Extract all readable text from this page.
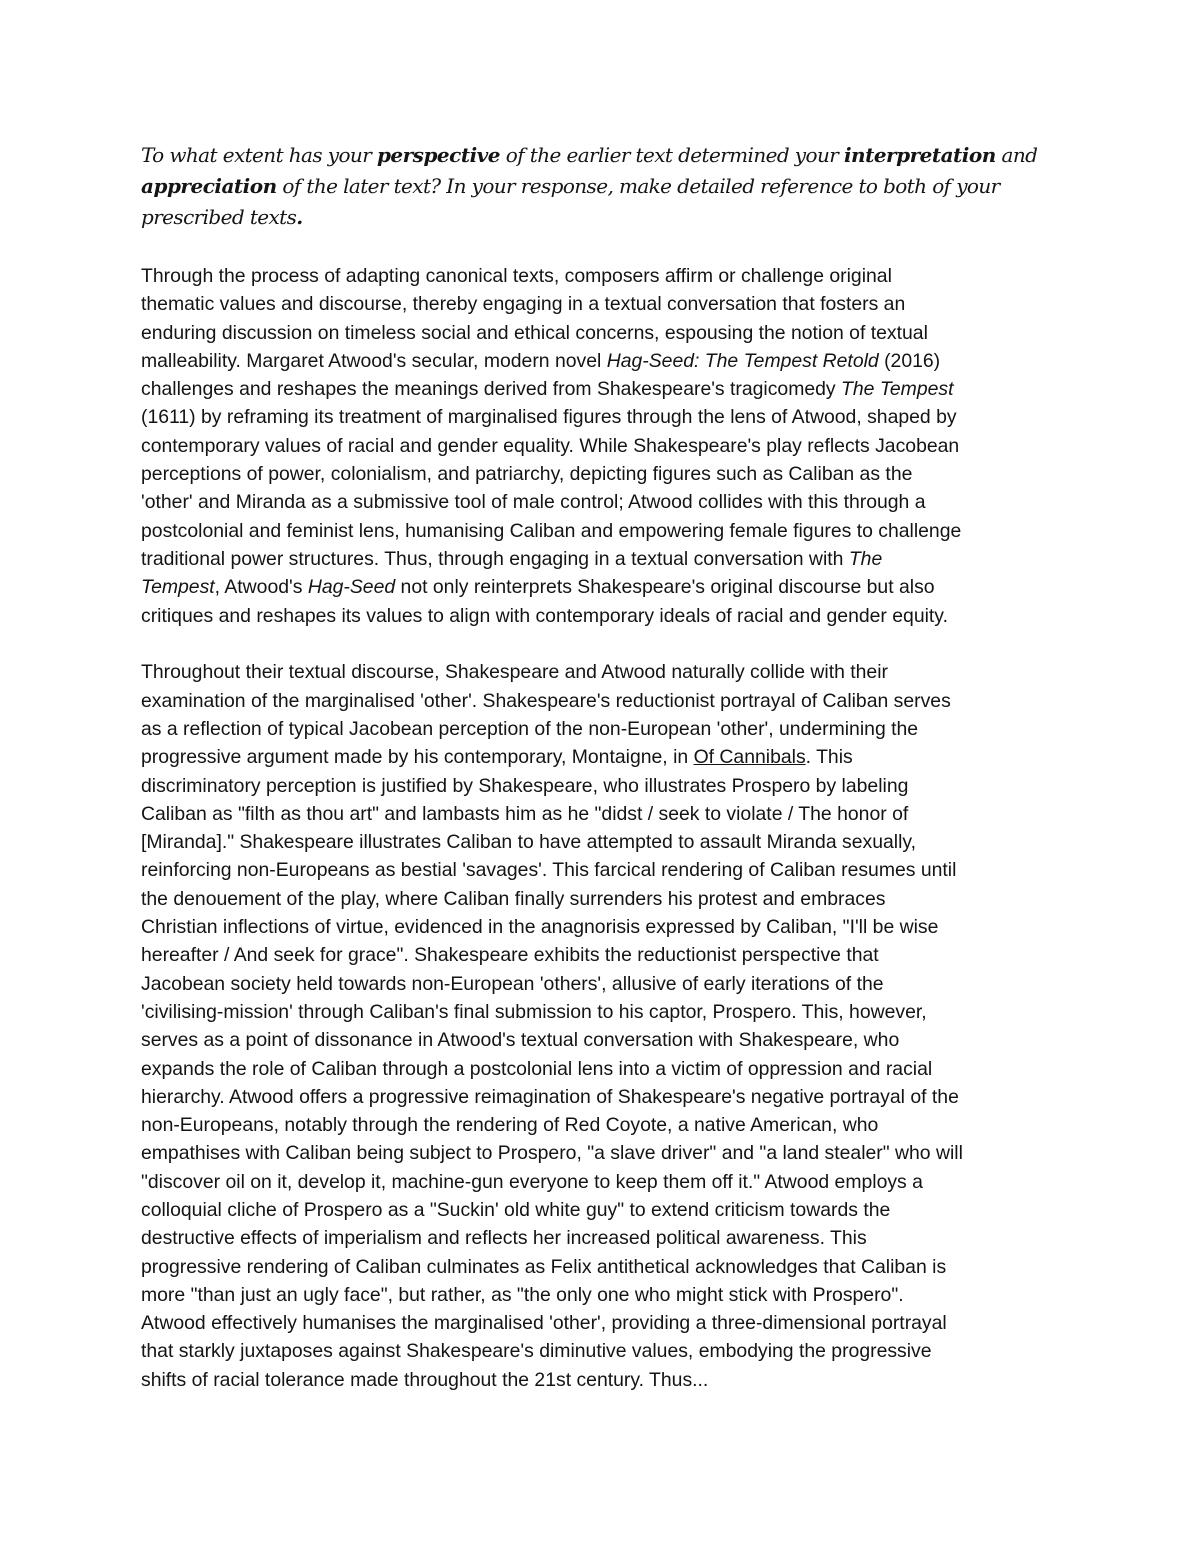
To what extent has your perspective of the earlier text determined your interpretation and
appreciation of the later text? In your response, make detailed reference to both of your
prescribed texts.
Through the process of adapting canonical texts, composers affirm or challenge original
thematic values and discourse, thereby engaging in a textual conversation that fosters an
enduring discussion on timeless social and ethical concerns, espousing the notion of textual
malleability. Margaret Atwood's secular, modern novel Hag-Seed: The Tempest Retold (2016)
challenges and reshapes the meanings derived from Shakespeare's tragicomedy The Tempest
(1611) by reframing its treatment of marginalised figures through the lens of Atwood, shaped by
contemporary values of racial and gender equality. While Shakespeare's play reflects Jacobean
perceptions of power, colonialism, and patriarchy, depicting figures such as Caliban as the
'other' and Miranda as a submissive tool of male control; Atwood collides with this through a
postcolonial and feminist lens, humanising Caliban and empowering female figures to challenge
traditional power structures. Thus, through engaging in a textual conversation with The
Tempest, Atwood's Hag-Seed not only reinterprets Shakespeare's original discourse but also
critiques and reshapes its values to align with contemporary ideals of racial and gender equity.
Throughout their textual discourse, Shakespeare and Atwood naturally collide with their
examination of the marginalised 'other'. Shakespeare's reductionist portrayal of Caliban serves
as a reflection of typical Jacobean perception of the non-European 'other', undermining the
progressive argument made by his contemporary, Montaigne, in Of Cannibals. This
discriminatory perception is justified by Shakespeare, who illustrates Prospero by labeling
Caliban as "filth as thou art" and lambasts him as he "didst / seek to violate / The honor of
[Miranda]." Shakespeare illustrates Caliban to have attempted to assault Miranda sexually,
reinforcing non-Europeans as bestial 'savages'. This farcical rendering of Caliban resumes until
the denouement of the play, where Caliban finally surrenders his protest and embraces
Christian inflections of virtue, evidenced in the anagnorisis expressed by Caliban, "I'll be wise
hereafter / And seek for grace". Shakespeare exhibits the reductionist perspective that
Jacobean society held towards non-European 'others', allusive of early iterations of the
'civilising-mission' through Caliban's final submission to his captor, Prospero. This, however,
serves as a point of dissonance in Atwood's textual conversation with Shakespeare, who
expands the role of Caliban through a postcolonial lens into a victim of oppression and racial
hierarchy. Atwood offers a progressive reimagination of Shakespeare's negative portrayal of the
non-Europeans, notably through the rendering of Red Coyote, a native American, who
empathises with Caliban being subject to Prospero, "a slave driver" and "a land stealer" who will
"discover oil on it, develop it, machine-gun everyone to keep them off it." Atwood employs a
colloquial cliche of Prospero as a "Suckin' old white guy" to extend criticism towards the
destructive effects of imperialism and reflects her increased political awareness. This
progressive rendering of Caliban culminates as Felix antithetical acknowledges that Caliban is
more "than just an ugly face", but rather, as "the only one who might stick with Prospero".
Atwood effectively humanises the marginalised 'other', providing a three-dimensional portrayal
that starkly juxtaposes against Shakespeare's diminutive values, embodying the progressive
shifts of racial tolerance made throughout the 21st century. Thus...
